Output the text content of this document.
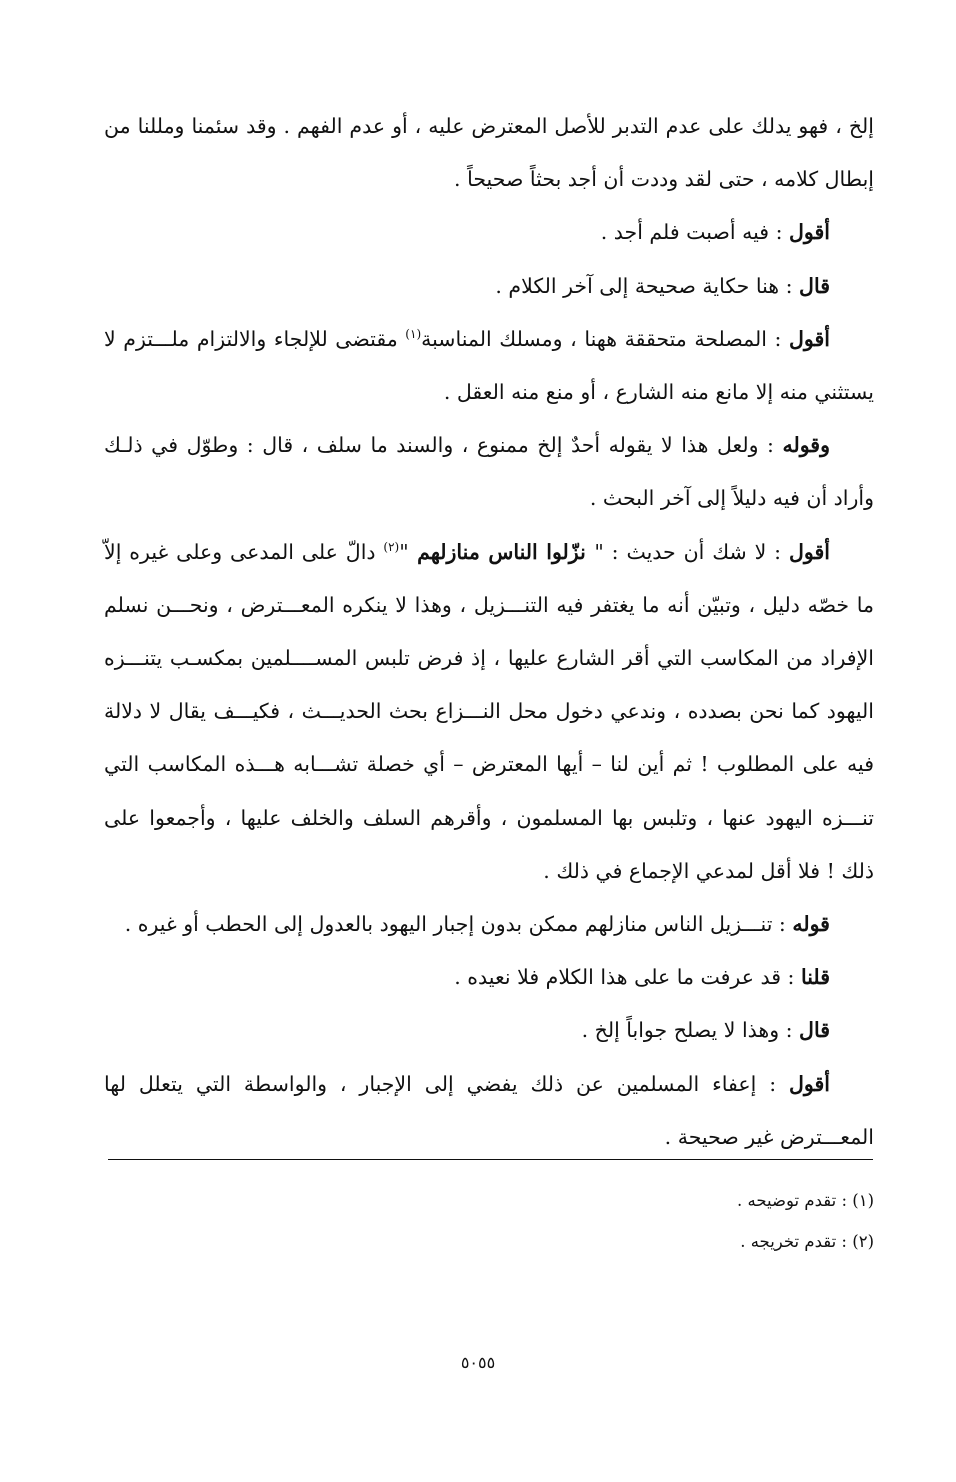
إلخ ، فهو يدلك على عدم التدبر للأصل المعترض عليه ، أو عدم الفهم . وقد سئمنا ومللنا من إبطال كلامه ، حتى لقد وددت أن أجد بحثاً صحيحاً .

أقول : فيه أصبت فلم أجد .

قال : هنا حكاية صحيحة إلى آخر الكلام .

أقول : المصلحة متحققة ههنا ، ومسلك المناسبة$^{(١)}$ مقتضى للإلجاء والالتزام ملـــتزم لا يستثني منه إلا مانع منه الشارع ، أو منع منه العقل .

وقوله : ولعل هذا لا يقوله أحدٌ إلخ ممنوع ، والسند ما سلف ، قال : وطوّل في ذلـك وأراد أن فيه دليلاً إلى آخر البحث .

أقول : لا شك أن حديث : " نزّلوا الناس منازلهم "$^{(٢)}$ دالّ على المدعى وعلى غيره إلاّ ما خصّه دليل ، وتبيّن أنه ما يغتفر فيه التنـــزيل ، وهذا لا ينكره المعـــترض ، ونحـــن نسلم الإفراد من المكاسب التي أقر الشارع عليها ، إذ فرض تلبس المســــلمين بمكسـب يتنـــزه اليهود كما نحن بصدده ، وندعي دخول محل النـــزاع بحث الحديـــث ، فكيـــف يقال لا دلالة فيه على المطلوب ! ثم أين لنا – أيها المعترض – أي خصلة تشـــابه هـــذه المكاسب التي تنـــزه اليهود عنها ، وتلبس بها المسلمون ، وأقرهم السلف والخلف عليها ، وأجمعوا على ذلك ! فلا أقل لمدعي الإجماع في ذلك .

قوله : تنـــزيل الناس منازلهم ممكن بدون إجبار اليهود بالعدول إلى الحطب أو غيره .

قلنا : قد عرفت ما على هذا الكلام فلا نعيده .

قال : وهذا لا يصلح جواباً إلخ .

أقول : إعفاء المسلمين عن ذلك يفضي إلى الإجبار ، والواسطة التي يتعلل لها المعـــترض غير صحيحة .

(١) : تقدم توضيحه .

(٢) : تقدم تخريجه .

٥٠٥٥
